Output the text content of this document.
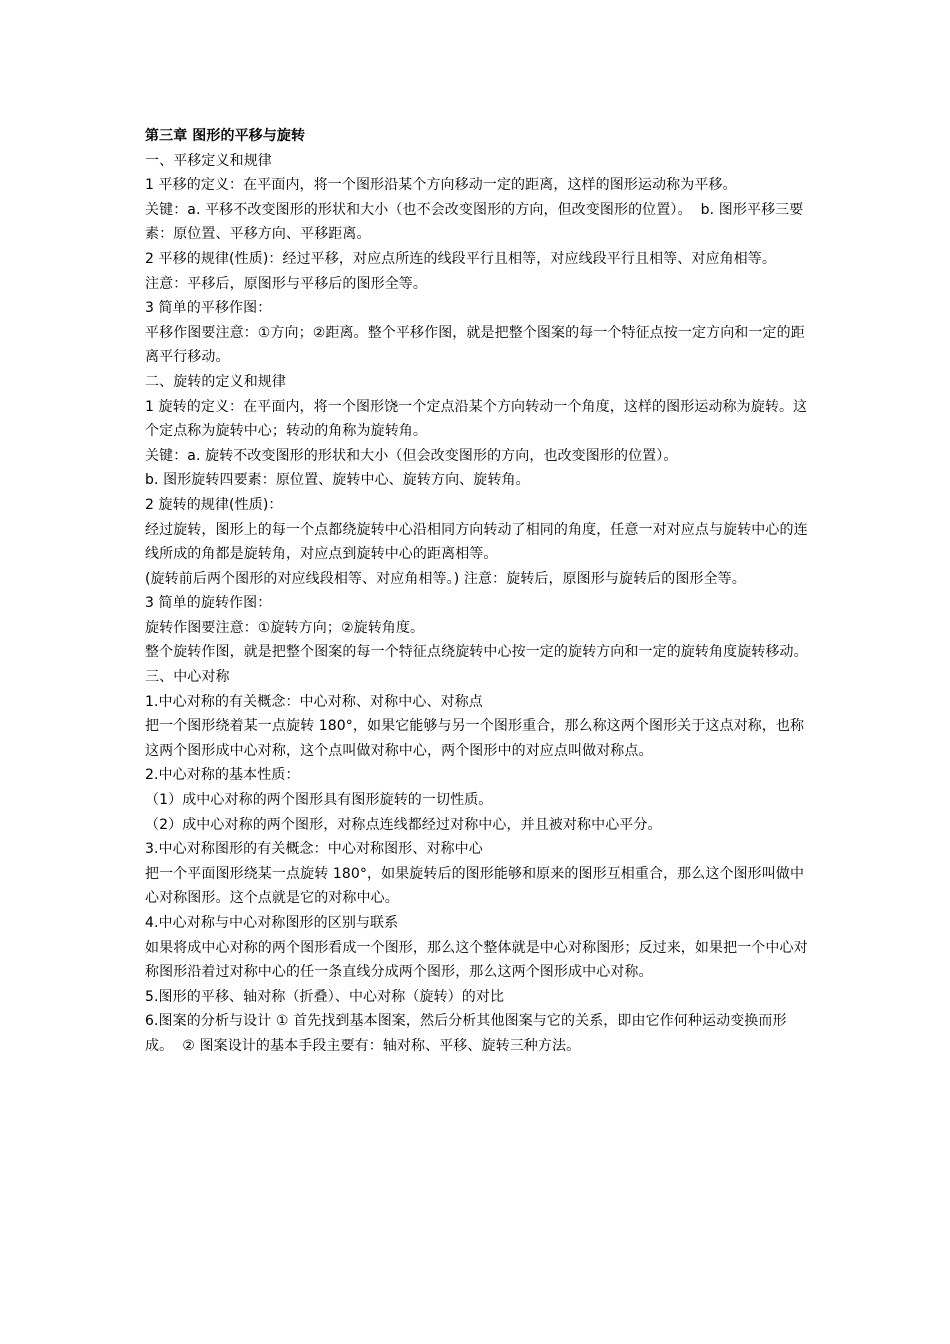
第三章 图形的平移与旋转
一、平移定义和规律
1 平移的定义：在平面内，将一个图形沿某个方向移动一定的距离，这样的图形运动称为平移。
关键：a. 平移不改变图形的形状和大小（也不会改变图形的方向，但改变图形的位置）。  b. 图形平移三要素：原位置、平移方向、平移距离。
2 平移的规律(性质)：经过平移，对应点所连的线段平行且相等，对应线段平行且相等、对应角相等。
注意：平移后，原图形与平移后的图形全等。
3 简单的平移作图：
平移作图要注意：①方向；②距离。整个平移作图，就是把整个图案的每一个特征点按一定方向和一定的距离平行移动。
二、旋转的定义和规律
1 旋转的定义：在平面内，将一个图形饶一个定点沿某个方向转动一个角度，这样的图形运动称为旋转。这个定点称为旋转中心；转动的角称为旋转角。
关键：a. 旋转不改变图形的形状和大小（但会改变图形的方向，也改变图形的位置）。
b. 图形旋转四要素：原位置、旋转中心、旋转方向、旋转角。
2 旋转的规律(性质)：
经过旋转，图形上的每一个点都绕旋转中心沿相同方向转动了相同的角度，任意一对对应点与旋转中心的连线所成的角都是旋转角，对应点到旋转中心的距离相等。
(旋转前后两个图形的对应线段相等、对应角相等。) 注意：旋转后，原图形与旋转后的图形全等。
3 简单的旋转作图：
旋转作图要注意：①旋转方向；②旋转角度。
整个旋转作图，就是把整个图案的每一个特征点绕旋转中心按一定的旋转方向和一定的旋转角度旋转移动。
三、中心对称
1.中心对称的有关概念：中心对称、对称中心、对称点
把一个图形绕着某一点旋转 180°，如果它能够与另一个图形重合，那么称这两个图形关于这点对称，也称这两个图形成中心对称，这个点叫做对称中心，两个图形中的对应点叫做对称点。
2.中心对称的基本性质：
（1）成中心对称的两个图形具有图形旋转的一切性质。
（2）成中心对称的两个图形，对称点连线都经过对称中心，并且被对称中心平分。
3.中心对称图形的有关概念：中心对称图形、对称中心
把一个平面图形绕某一点旋转 180°，如果旋转后的图形能够和原来的图形互相重合，那么这个图形叫做中心对称图形。这个点就是它的对称中心。
4.中心对称与中心对称图形的区别与联系
如果将成中心对称的两个图形看成一个图形，那么这个整体就是中心对称图形；反过来，如果把一个中心对称图形沿着过对称中心的任一条直线分成两个图形，那么这两个图形成中心对称。
5.图形的平移、轴对称（折叠）、中心对称（旋转）的对比
6.图案的分析与设计 ① 首先找到基本图案，然后分析其他图案与它的关系，即由它作何种运动变换而形成。  ② 图案设计的基本手段主要有：轴对称、平移、旋转三种方法。
